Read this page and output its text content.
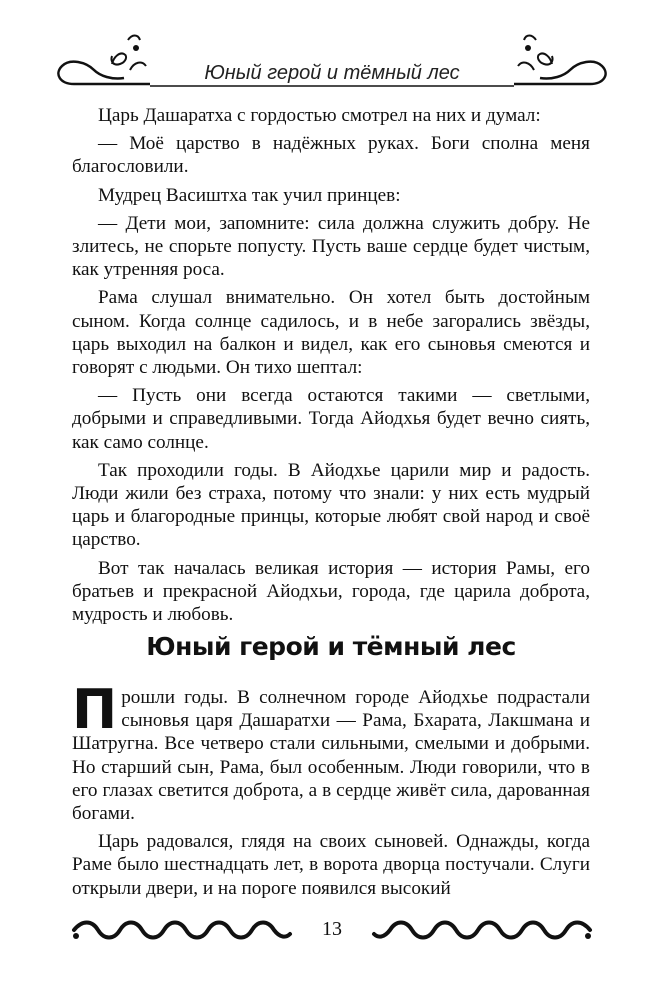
Юный герой и тёмный лес

Царь Дашаратха с гордостью смотрел на них и думал:

— Моё царство в надёжных руках. Боги сполна меня благословили.

Мудрец Васиштха так учил принцев:

— Дети мои, запомните: сила должна служить добру. Не злитесь, не спорьте попусту. Пусть ваше сердце будет чистым, как утренняя роса.

Рама слушал внимательно. Он хотел быть достойным сыном. Когда солнце садилось, и в небе загорались звёзды, царь выходил на балкон и видел, как его сыновья смеются и говорят с людьми. Он тихо шептал:

— Пусть они всегда остаются такими — светлыми, добрыми и справедливыми. Тогда Айодхья будет вечно сиять, как само солнце.

Так проходили годы. В Айодхье царили мир и радость. Люди жили без страха, потому что знали: у них есть мудрый царь и благородные принцы, которые любят свой народ и своё царство.

Вот так началась великая история — история Рамы, его братьев и прекрасной Айодхьи, города, где царила доброта, мудрость и любовь.

Юный герой и тёмный лес

Прошли годы. В солнечном городе Айодхье подрастали сыновья царя Дашаратхи — Рама, Бхарата, Лакшмана и Шатругна. Все четверо стали сильными, смелыми и добрыми. Но старший сын, Рама, был особенным. Люди говорили, что в его глазах светится доброта, а в сердце живёт сила, дарованная богами.

Царь радовался, глядя на своих сыновей. Однажды, когда Раме было шестнадцать лет, в ворота дворца постучали. Слуги открыли двери, и на пороге появился высокий

13
